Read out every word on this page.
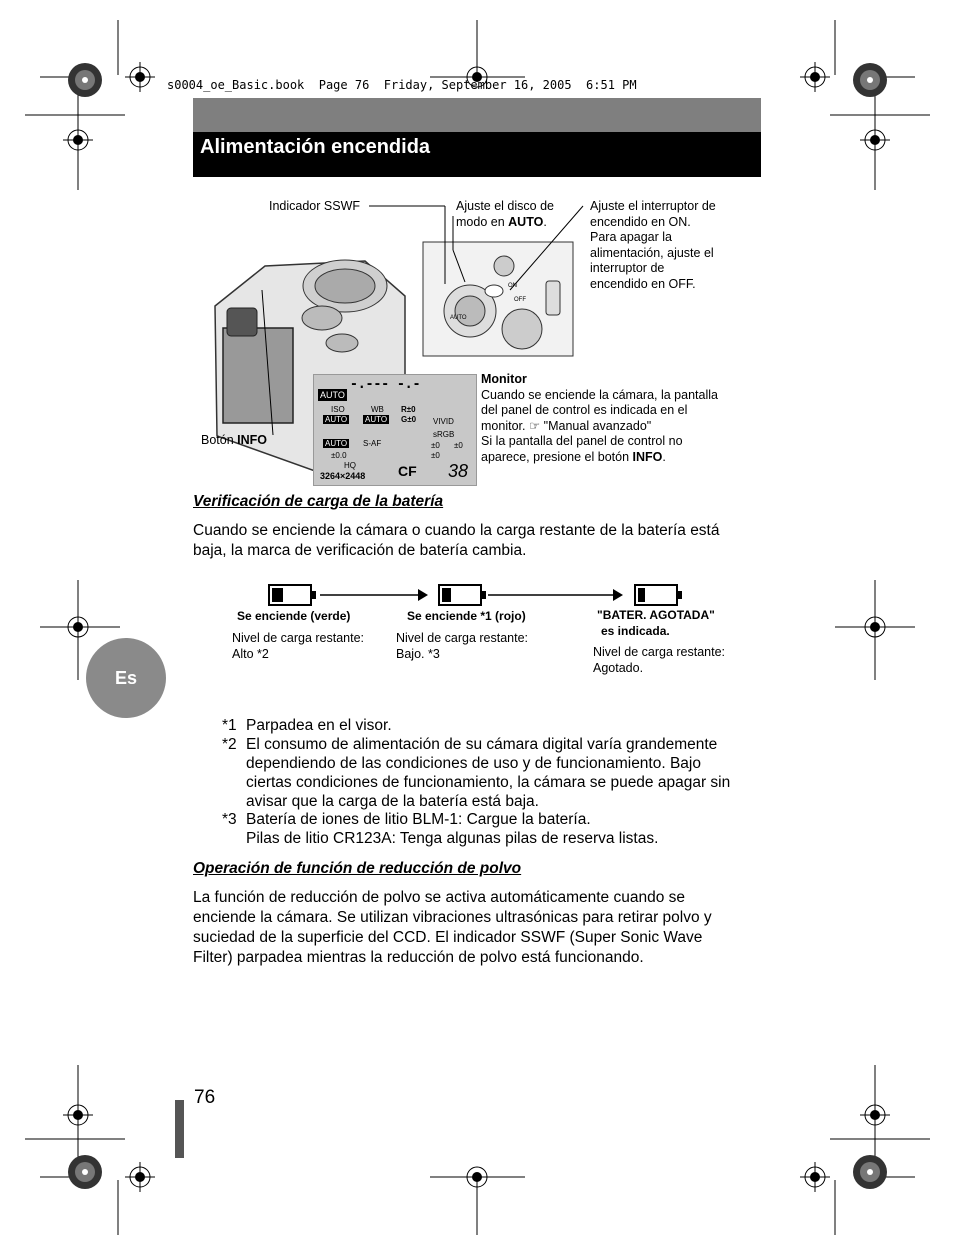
s0004_oe_Basic.book  Page 76  Friday, September 16, 2005  6:51 PM
Alimentación encendida
ON
OFF
AUTO
Indicador SSWF	Ajuste el disco de
modo en AUTO.
Ajuste el interruptor de
encendido en ON.
Para apagar la
alimentación, ajuste el
interruptor de
encendido en OFF.
Botón INFO
AUTO
-.--- -.-
ISO
AUTO
WB
AUTO
R±0
G±0 VIVID
AUTO S-AF
sRGB
±0 ±0
±0
±0.0
HQ
3264×2448 CF 38
Monitor
Cuando se enciende la cámara, la pantalla
del panel de control es indicada en el
monitor. ☞ "Manual avanzado"
Si la pantalla del panel de control no
aparece, presione el botón INFO.
Verificación de carga de la batería
Cuando se enciende la cámara o cuando la carga restante de la batería está
baja, la marca de verificación de batería cambia.
Se enciende (verde)
Nivel de carga restante:
Alto *2
Se enciende *1 (rojo)
Nivel de carga restante:
Bajo. *3
"BATER. AGOTADA"
es indicada.
Nivel de carga restante:
Agotado.
Es
*1 Parpadea en el visor.
*2 El consumo de alimentación de su cámara digital varía grandemente
dependiendo de las condiciones de uso y de funcionamiento. Bajo
ciertas condiciones de funcionamiento, la cámara se puede apagar sin
avisar que la carga de la batería está baja.
*3 Batería de iones de litio BLM-1: Cargue la batería.
Pilas de litio CR123A: Tenga algunas pilas de reserva listas.
Operación de función de reducción de polvo
La función de reducción de polvo se activa automáticamente cuando se
enciende la cámara. Se utilizan vibraciones ultrasónicas para retirar polvo y
suciedad de la superficie del CCD. El indicador SSWF (Super Sonic Wave
Filter) parpadea mientras la reducción de polvo está funcionando.
76
